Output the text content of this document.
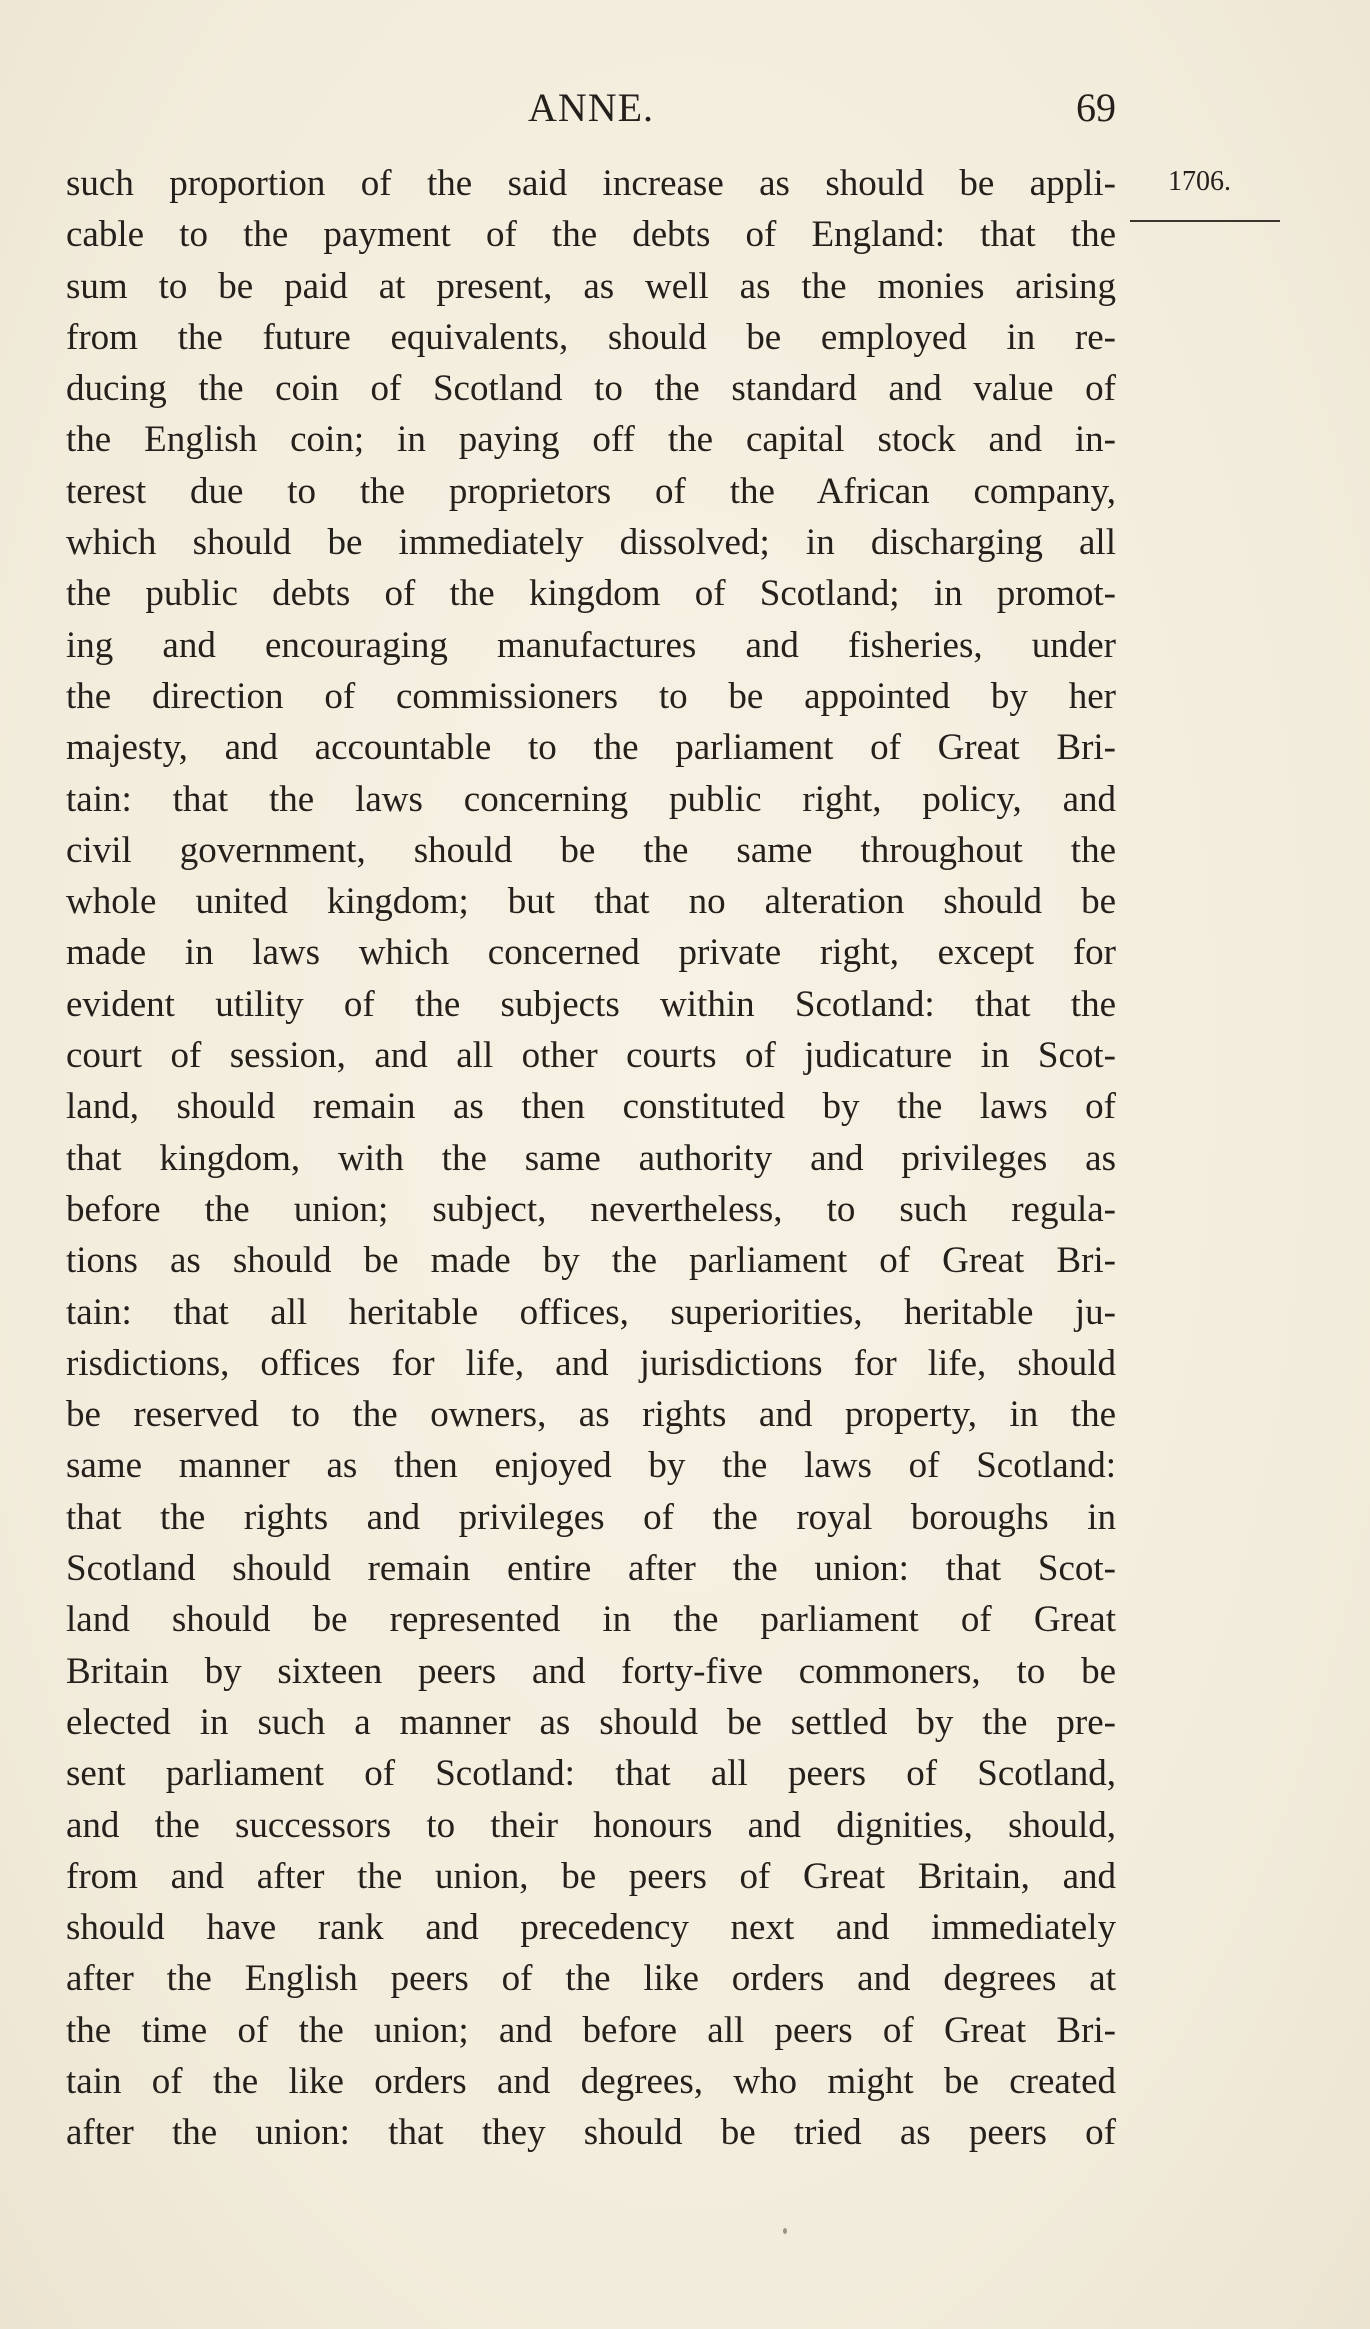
ANNE.	69
1706.
such proportion of the said increase as should be appli-
cable to the payment of the debts of England: that the
sum to be paid at present, as well as the monies arising
from the future equivalents, should be employed in re-
ducing the coin of Scotland to the standard and value of
the English coin; in paying off the capital stock and in-
terest due to the proprietors of the African company,
which should be immediately dissolved; in discharging all
the public debts of the kingdom of Scotland; in promot-
ing and encouraging manufactures and fisheries, under
the direction of commissioners to be appointed by her
majesty, and accountable to the parliament of Great Bri-
tain: that the laws concerning public right, policy, and
civil government, should be the same throughout the
whole united kingdom; but that no alteration should be
made in laws which concerned private right, except for
evident utility of the subjects within Scotland: that the
court of session, and all other courts of judicature in Scot-
land, should remain as then constituted by the laws of
that kingdom, with the same authority and privileges as
before the union; subject, nevertheless, to such regula-
tions as should be made by the parliament of Great Bri-
tain: that all heritable offices, superiorities, heritable ju-
risdictions, offices for life, and jurisdictions for life, should
be reserved to the owners, as rights and property, in the
same manner as then enjoyed by the laws of Scotland:
that the rights and privileges of the royal boroughs in
Scotland should remain entire after the union: that Scot-
land should be represented in the parliament of Great
Britain by sixteen peers and forty-five commoners, to be
elected in such a manner as should be settled by the pre-
sent parliament of Scotland: that all peers of Scotland,
and the successors to their honours and dignities, should,
from and after the union, be peers of Great Britain, and
should have rank and precedency next and immediately
after the English peers of the like orders and degrees at
the time of the union; and before all peers of Great Bri-
tain of the like orders and degrees, who might be created
after the union: that they should be tried as peers of
